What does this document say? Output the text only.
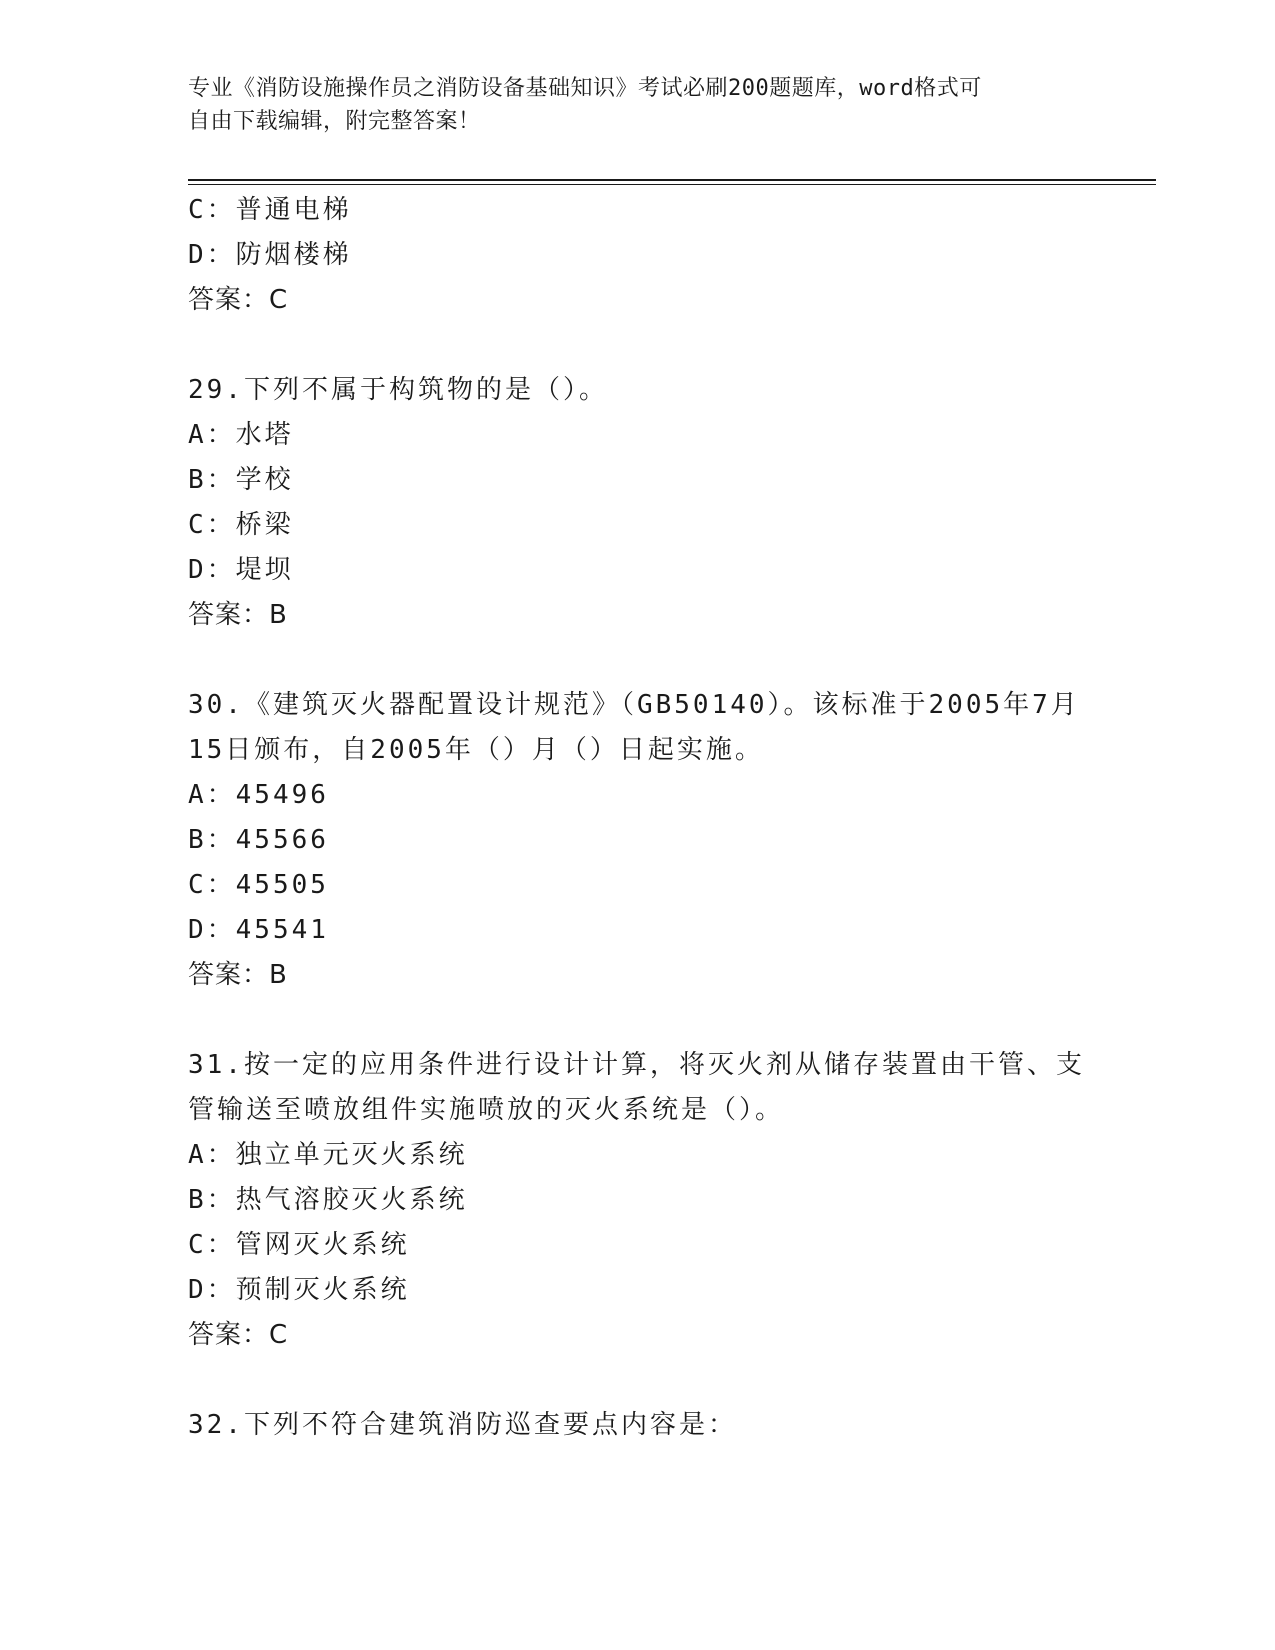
专业《消防设施操作员之消防设备基础知识》考试必刷200题题库，word格式可
自由下载编辑，附完整答案！
C：普通电梯
D：防烟楼梯
答案：C
29.下列不属于构筑物的是（）。
A：水塔
B：学校
C：桥梁
D：堤坝
答案：B
30.《建筑灭火器配置设计规范》（GB50140）。该标准于2005年7月
15日颁布，自2005年（）月（）日起实施。
A：45496
B：45566
C：45505
D：45541
答案：B
31.按一定的应用条件进行设计计算，将灭火剂从储存装置由干管、支
管输送至喷放组件实施喷放的灭火系统是（）。
A：独立单元灭火系统
B：热气溶胶灭火系统
C：管网灭火系统
D：预制灭火系统
答案：C
32.下列不符合建筑消防巡查要点内容是：
